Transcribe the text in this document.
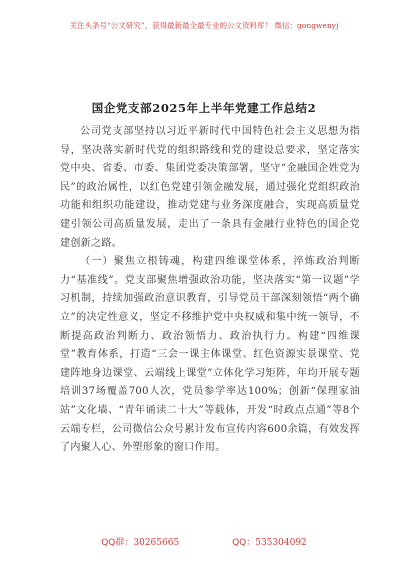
关注头条号“公文研究”，获得最新最全最专业的公文资料库！ 微信：gongwenyj
国企党支部2025年上半年党建工作总结2

公司党支部坚持以习近平新时代中国特色社会主义思想为指导，坚决落实新时代党的组织路线和党的建设总要求，坚定落实党中央、省委、市委、集团党委决策部署，坚守“金融国企姓党为民”的政治属性，以红色党建引领金融发展，通过强化党组织政治功能和组织功能建设，推动党建与业务深度融合，实现高质量党建引领公司高质量发展，走出了一条具有金融行业特色的国企党建创新之路。

（一）聚焦立根铸魂，构建四维课堂体系，淬炼政治判断力“基准线”。党支部聚焦增强政治功能，坚决落实“第一议题”学习机制，持续加强政治意识教育，引导党员干部深刻领悟“两个确立”的决定性意义，坚定不移维护党中央权威和集中统一领导，不断提高政治判断力、政治领悟力、政治执行力。构建“四维课堂”教育体系，打造“三会一课主体课堂、红色资源实景课堂、党建阵地身边课堂、云端线上课堂”立体化学习矩阵，年均开展专题培训37场覆盖700人次，党员参学率达100%；创新“保理家油站”文化墙、“青年诵读二十大”等载体，开发“时政点点通”等8个云端专栏，公司微信公众号累计发布宣传内容600余篇，有效发挥了内聚人心、外塑形象的窗口作用。

QQ群：30265665	QQ：535304092
